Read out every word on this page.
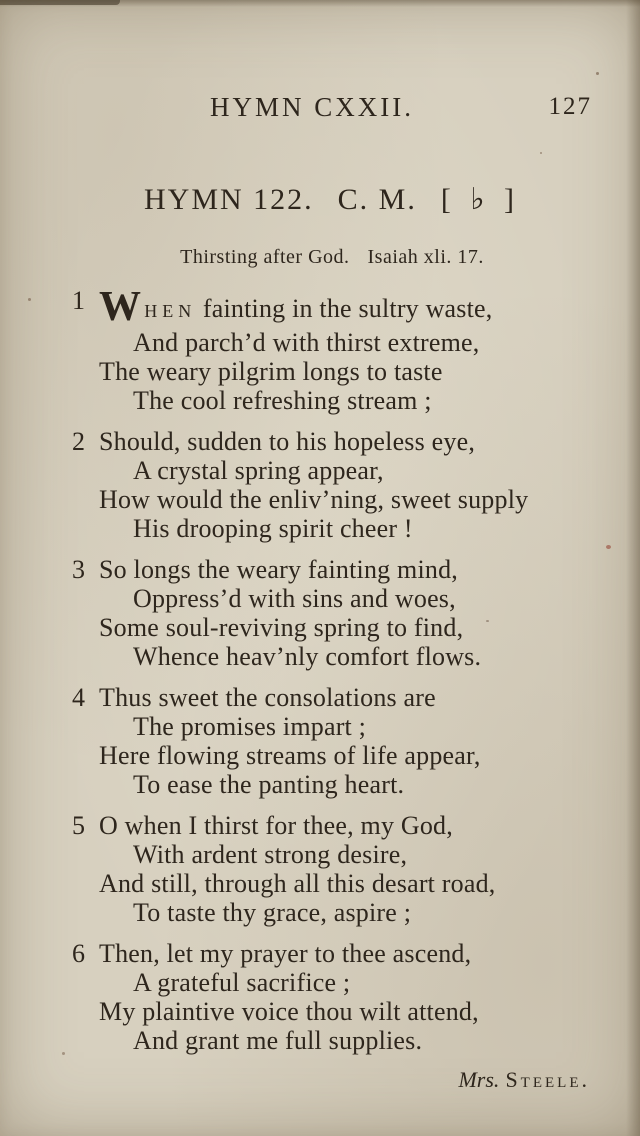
HYMN CXXII.	127
HYMN 122. C. M. [ ♭ ]
Thirsting after God. Isaiah xli. 17.
1 When fainting in the sultry waste,
And parch’d with thirst extreme,
The weary pilgrim longs to taste
The cool refreshing stream ;
2 Should, sudden to his hopeless eye,
A crystal spring appear,
How would the enliv’ning, sweet supply
His drooping spirit cheer !
3 So longs the weary fainting mind,
Oppress’d with sins and woes,
Some soul-reviving spring to find,
Whence heav’nly comfort flows.
4 Thus sweet the consolations are
The promises impart ;
Here flowing streams of life appear,
To ease the panting heart.
5 O when I thirst for thee, my God,
With ardent strong desire,
And still, through all this desart road,
To taste thy grace, aspire ;
6 Then, let my prayer to thee ascend,
A grateful sacrifice ;
My plaintive voice thou wilt attend,
And grant me full supplies.
Mrs. Steele.
